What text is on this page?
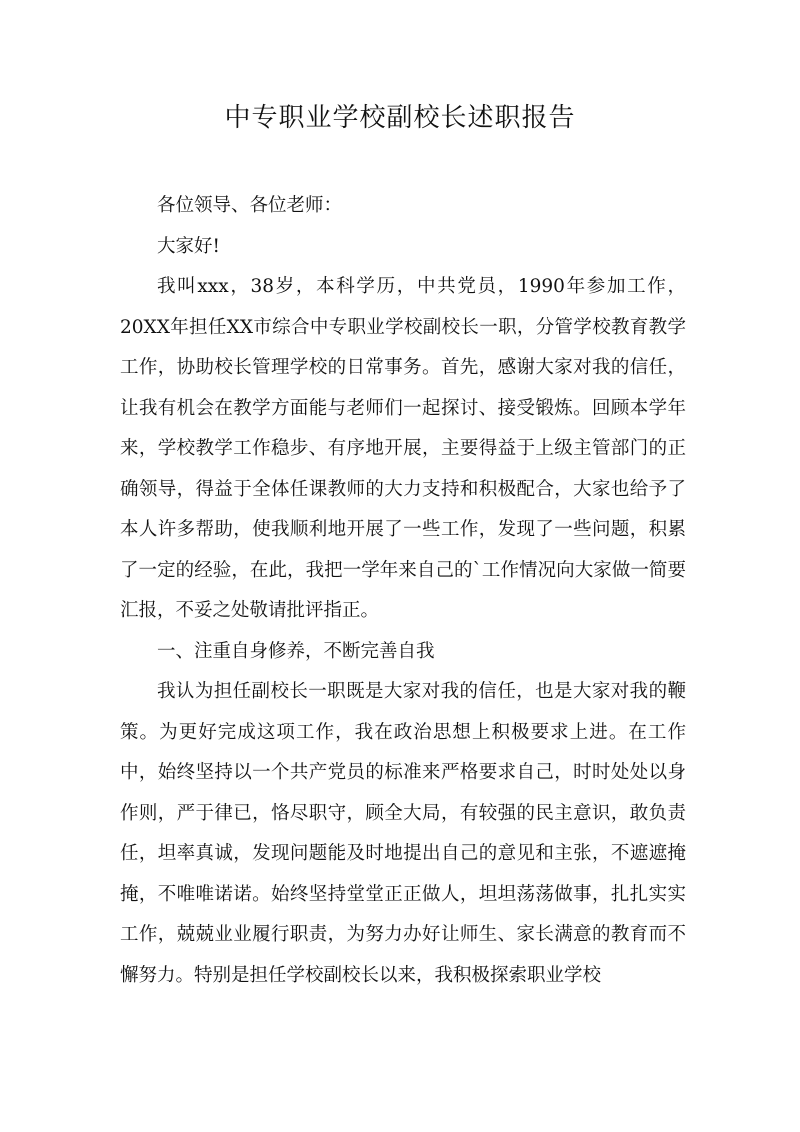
中专职业学校副校长述职报告

各位领导、各位老师：

大家好!

我叫xxx，38岁，本科学历，中共党员，1990年参加工作，20XX年担任XX市综合中专职业学校副校长一职，分管学校教育教学工作，协助校长管理学校的日常事务。首先，感谢大家对我的信任，让我有机会在教学方面能与老师们一起探讨、接受锻炼。回顾本学年来，学校教学工作稳步、有序地开展，主要得益于上级主管部门的正确领导，得益于全体任课教师的大力支持和积极配合，大家也给予了本人许多帮助，使我顺利地开展了一些工作，发现了一些问题，积累了一定的经验，在此，我把一学年来自己的`工作情况向大家做一简要汇报，不妥之处敬请批评指正。

一、注重自身修养，不断完善自我

我认为担任副校长一职既是大家对我的信任，也是大家对我的鞭策。为更好完成这项工作，我在政治思想上积极要求上进。在工作中，始终坚持以一个共产党员的标准来严格要求自己，时时处处以身作则，严于律已，恪尽职守，顾全大局，有较强的民主意识，敢负责任，坦率真诚，发现问题能及时地提出自己的意见和主张，不遮遮掩掩，不唯唯诺诺。始终坚持堂堂正正做人，坦坦荡荡做事，扎扎实实工作，兢兢业业履行职责，为努力办好让师生、家长满意的教育而不懈努力。特别是担任学校副校长以来，我积极探索职业学校
